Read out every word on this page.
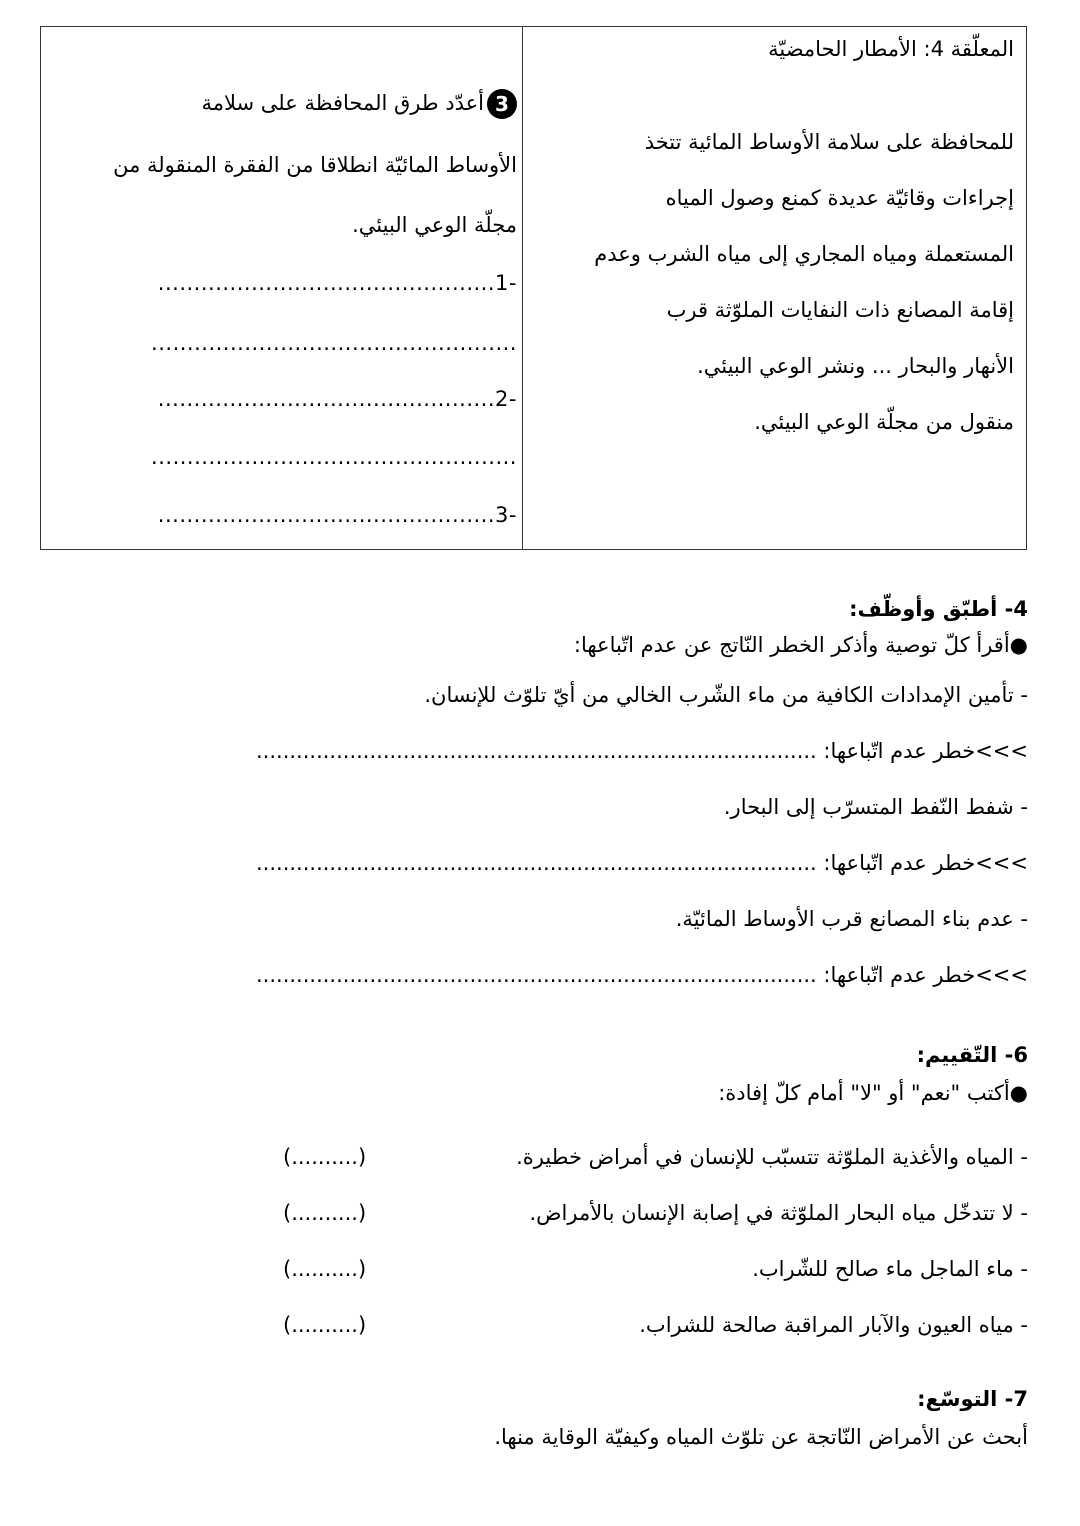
المعلّقة 4: الأمطار الحامضيّة
للمحافظة على سلامة الأوساط المائية تتخذ
إجراءات وقائيّة عديدة كمنع وصول المياه
المستعملة ومياه المجاري إلى مياه الشرب وعدم
إقامة المصانع ذات النفايات الملوّثة قرب
الأنهار والبحار ... ونشر الوعي البيئي.
منقول من مجلّة الوعي البيئي.
3أعدّد طرق المحافظة على سلامة
الأوساط المائيّة انطلاقا من الفقرة المنقولة من
مجلّة الوعي البيئي.
-1...............................................
...................................................
-2...............................................
...................................................
-3...............................................
4- أطبّق وأوظّف:
●أقرأ كلّ توصية وأذكر الخطر النّاتج عن عدم اتّباعها:
- تأمين الإمدادات الكافية من ماء الشّرب الخالي من أيّ تلوّث للإنسان.
>>>خطر عدم اتّباعها: ....................................................................................
- شفط النّفط المتسرّب إلى البحار.
>>>خطر عدم اتّباعها: ....................................................................................
- عدم بناء المصانع قرب الأوساط المائيّة.
>>>خطر عدم اتّباعها: ....................................................................................
6- التّقييم:
●أكتب "نعم" أو "لا" أمام كلّ إفادة:
- المياه والأغذية الملوّثة تتسبّب للإنسان في أمراض خطيرة.
(..........)
- لا تتدخّل مياه البحار الملوّثة في إصابة الإنسان بالأمراض.
(..........)
- ماء الماجل ماء صالح للشّراب.
(..........)
- مياه العيون والآبار المراقبة صالحة للشراب.
(..........)
7- التوسّع:
أبحث عن الأمراض النّاتجة عن تلوّث المياه وكيفيّة الوقاية منها.
